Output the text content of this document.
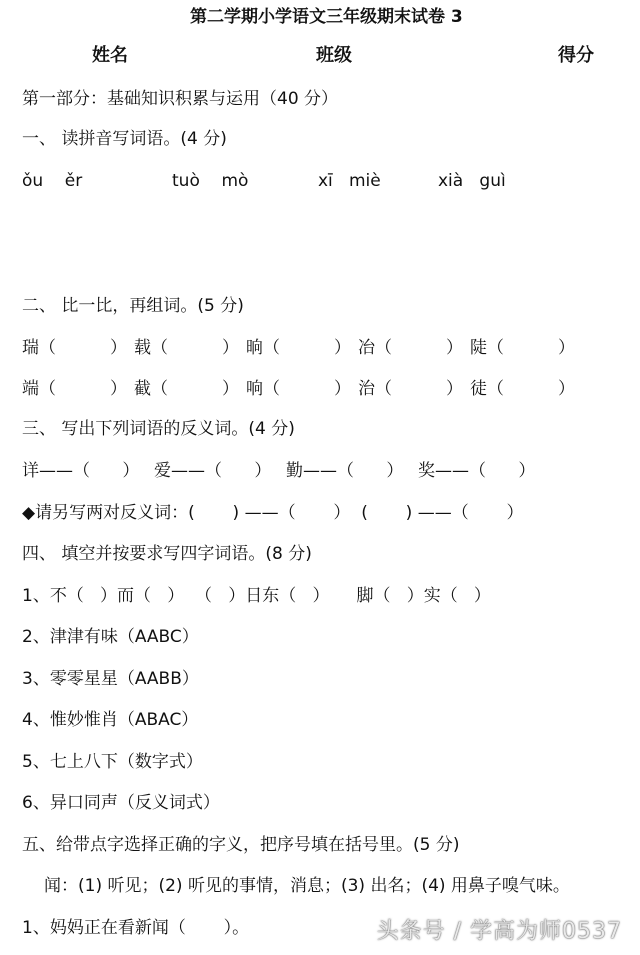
第二学期小学语文三年级期末试卷 3
姓名	班级	得分
第一部分：基础知识积累与运用（40 分）
一、 读拼音写词语。(4 分)
ǒu    ěr	tuò    mò	xī   miè	xià   guì
二、 比一比，再组词。(5 分)
瑞（          ） 载（          ） 晌（          ） 冶（          ） 陡（          ）
端（          ） 截（          ） 响（          ） 治（          ） 徒（          ）
三、 写出下列词语的反义词。(4 分)
详——（      ） 爱——（      ） 勤——（      ） 奖——（      ）
◆请另写两对反义词：(       ) ——（       ）  (       ) ——（       ）
四、 填空并按要求写四字词语。(8 分)
1、不（   ）而（   ）  （   ）日东（   ）     脚（   ）实（   ）
2、津津有味（AABC）
3、零零星星（AABB）
4、惟妙惟肖（ABAC）
5、七上八下（数字式）
6、异口同声（反义词式）
五、给带点字选择正确的字义，把序号填在括号里。(5 分)
闻：(1) 听见；(2) 听见的事情，消息；(3) 出名；(4) 用鼻子嗅气味。
1、妈妈正在看新闻（       ）。	头条号 / 学高为师0537
